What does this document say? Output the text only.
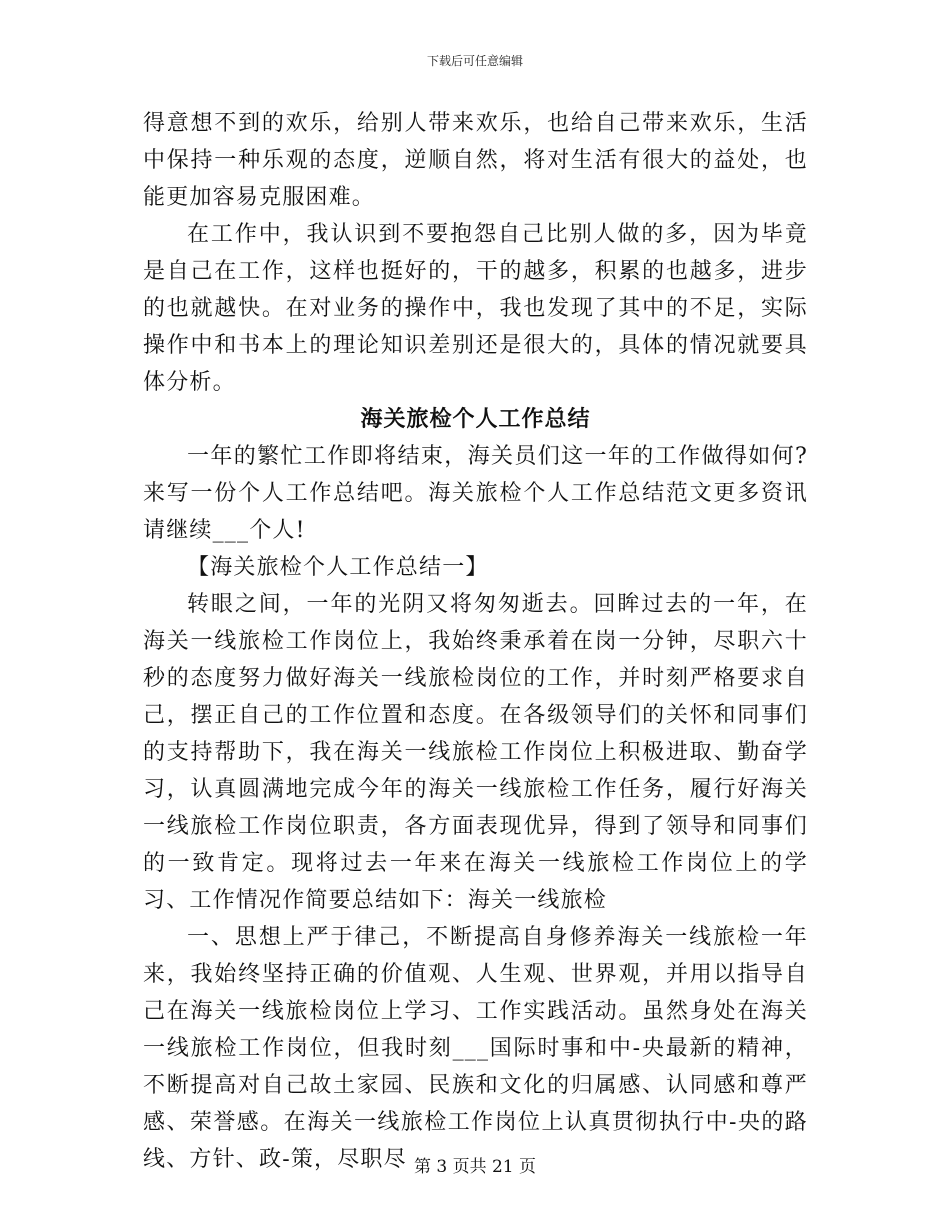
下载后可任意编辑

得意想不到的欢乐，给别人带来欢乐，也给自己带来欢乐，生活中保持一种乐观的态度，逆顺自然，将对生活有很大的益处，也能更加容易克服困难。

在工作中，我认识到不要抱怨自己比别人做的多，因为毕竟是自己在工作，这样也挺好的，干的越多，积累的也越多，进步的也就越快。在对业务的操作中，我也发现了其中的不足，实际操作中和书本上的理论知识差别还是很大的，具体的情况就要具体分析。

海关旅检个人工作总结

一年的繁忙工作即将结束，海关员们这一年的工作做得如何?来写一份个人工作总结吧。海关旅检个人工作总结范文更多资讯请继续___个人!

【海关旅检个人工作总结一】

转眼之间，一年的光阴又将匆匆逝去。回眸过去的一年，在海关一线旅检工作岗位上，我始终秉承着在岗一分钟，尽职六十秒的态度努力做好海关一线旅检岗位的工作，并时刻严格要求自己，摆正自己的工作位置和态度。在各级领导们的关怀和同事们的支持帮助下，我在海关一线旅检工作岗位上积极进取、勤奋学习，认真圆满地完成今年的海关一线旅检工作任务，履行好海关一线旅检工作岗位职责，各方面表现优异，得到了领导和同事们的一致肯定。现将过去一年来在海关一线旅检工作岗位上的学习、工作情况作简要总结如下：海关一线旅检

一、思想上严于律己，不断提高自身修养海关一线旅检一年来，我始终坚持正确的价值观、人生观、世界观，并用以指导自己在海关一线旅检岗位上学习、工作实践活动。虽然身处在海关一线旅检工作岗位，但我时刻___国际时事和中-央最新的精神，不断提高对自己故土家园、民族和文化的归属感、认同感和尊严感、荣誉感。在海关一线旅检工作岗位上认真贯彻执行中-央的路线、方针、政-策，尽职尽 第 3 页共 21 页
